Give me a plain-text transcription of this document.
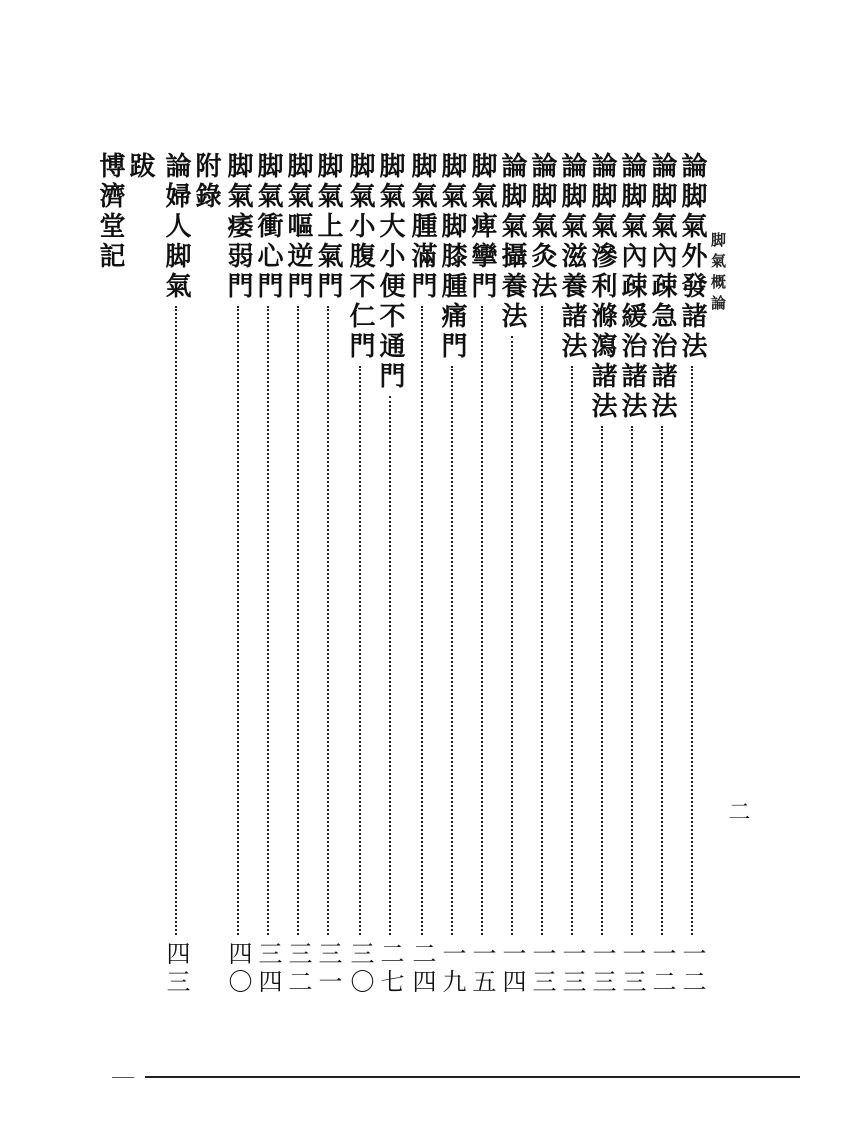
脚氣概論
二
論脚氣外發諸法
一二
論脚氣內疎急治諸法
一二
論脚氣內疎緩治諸法
一三
論脚氣滲利滌瀉諸法
一三
論脚氣滋養諸法
一三
論脚氣灸法
一三
論脚氣攝養法
一四
脚氣痺攣門
一五
脚氣脚膝腫痛門
一九
脚氣腫滿門
二四
脚氣大小便不通門
二七
脚氣小腹不仁門
三〇
脚氣上氣門
三一
脚氣嘔逆門
三二
脚氣衝心門
三四
脚氣痿弱門
四〇
附錄
論婦人脚氣
四三
跋
博濟堂記
